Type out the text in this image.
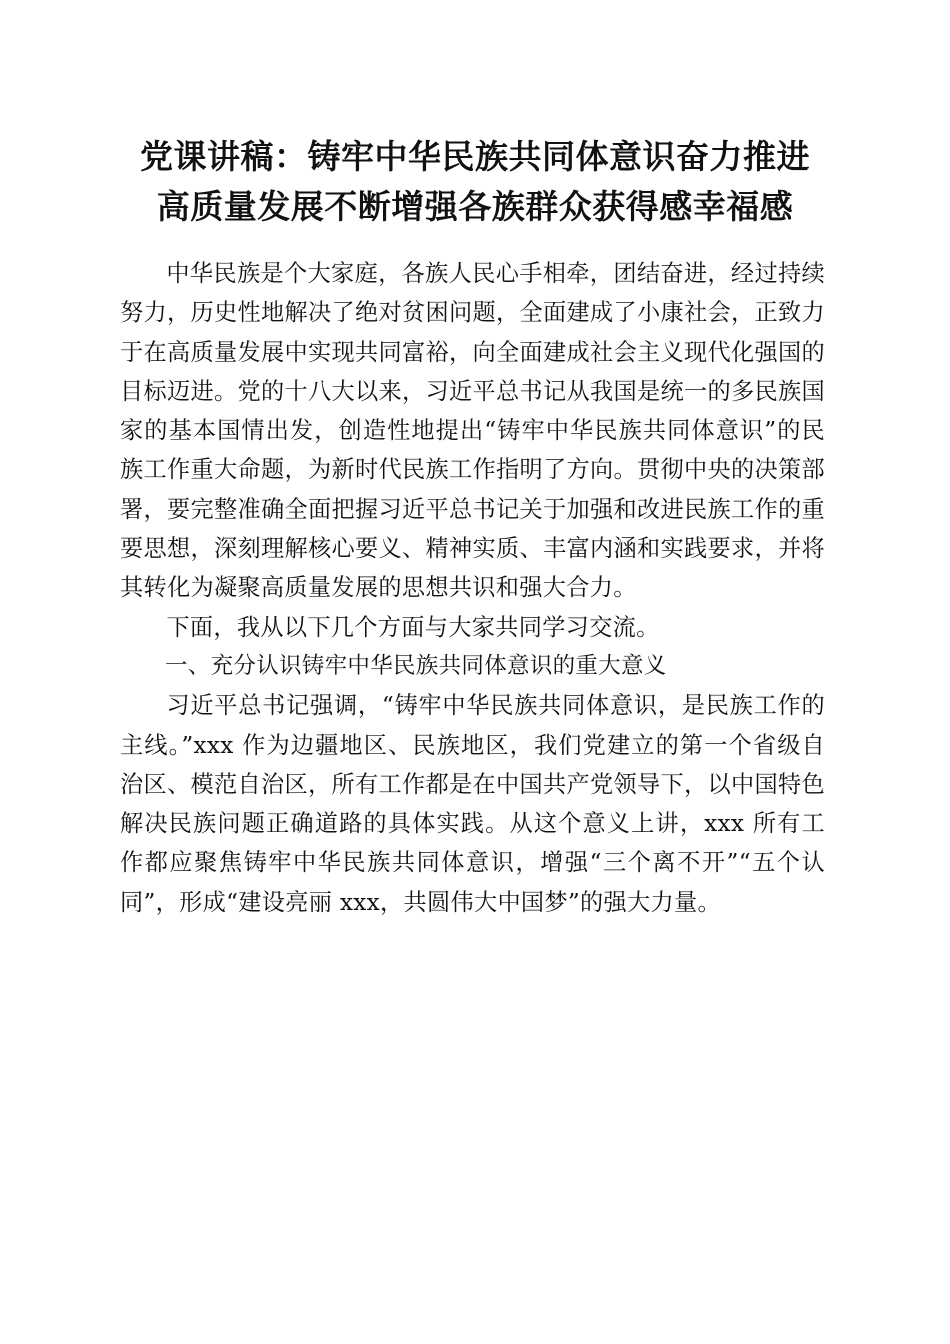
党课讲稿：铸牢中华民族共同体意识奋力推进
高质量发展不断增强各族群众获得感幸福感

中华民族是个大家庭，各族人民心手相牵，团结奋进，经过持续努力，历史性地解决了绝对贫困问题，全面建成了小康社会，正致力于在高质量发展中实现共同富裕，向全面建成社会主义现代化强国的目标迈进。党的十八大以来，习近平总书记从我国是统一的多民族国家的基本国情出发，创造性地提出“铸牢中华民族共同体意识”的民族工作重大命题，为新时代民族工作指明了方向。贯彻中央的决策部署，要完整准确全面把握习近平总书记关于加强和改进民族工作的重要思想，深刻理解核心要义、精神实质、丰富内涵和实践要求，并将其转化为凝聚高质量发展的思想共识和强大合力。

下面，我从以下几个方面与大家共同学习交流。

一、充分认识铸牢中华民族共同体意识的重大意义

习近平总书记强调，“铸牢中华民族共同体意识，是民族工作的主线。”xxx 作为边疆地区、民族地区，我们党建立的第一个省级自治区、模范自治区，所有工作都是在中国共产党领导下，以中国特色解决民族问题正确道路的具体实践。从这个意义上讲，xxx 所有工作都应聚焦铸牢中华民族共同体意识，增强“三个离不开”“五个认同”，形成“建设亮丽 xxx，共圆伟大中国梦”的强大力量。
